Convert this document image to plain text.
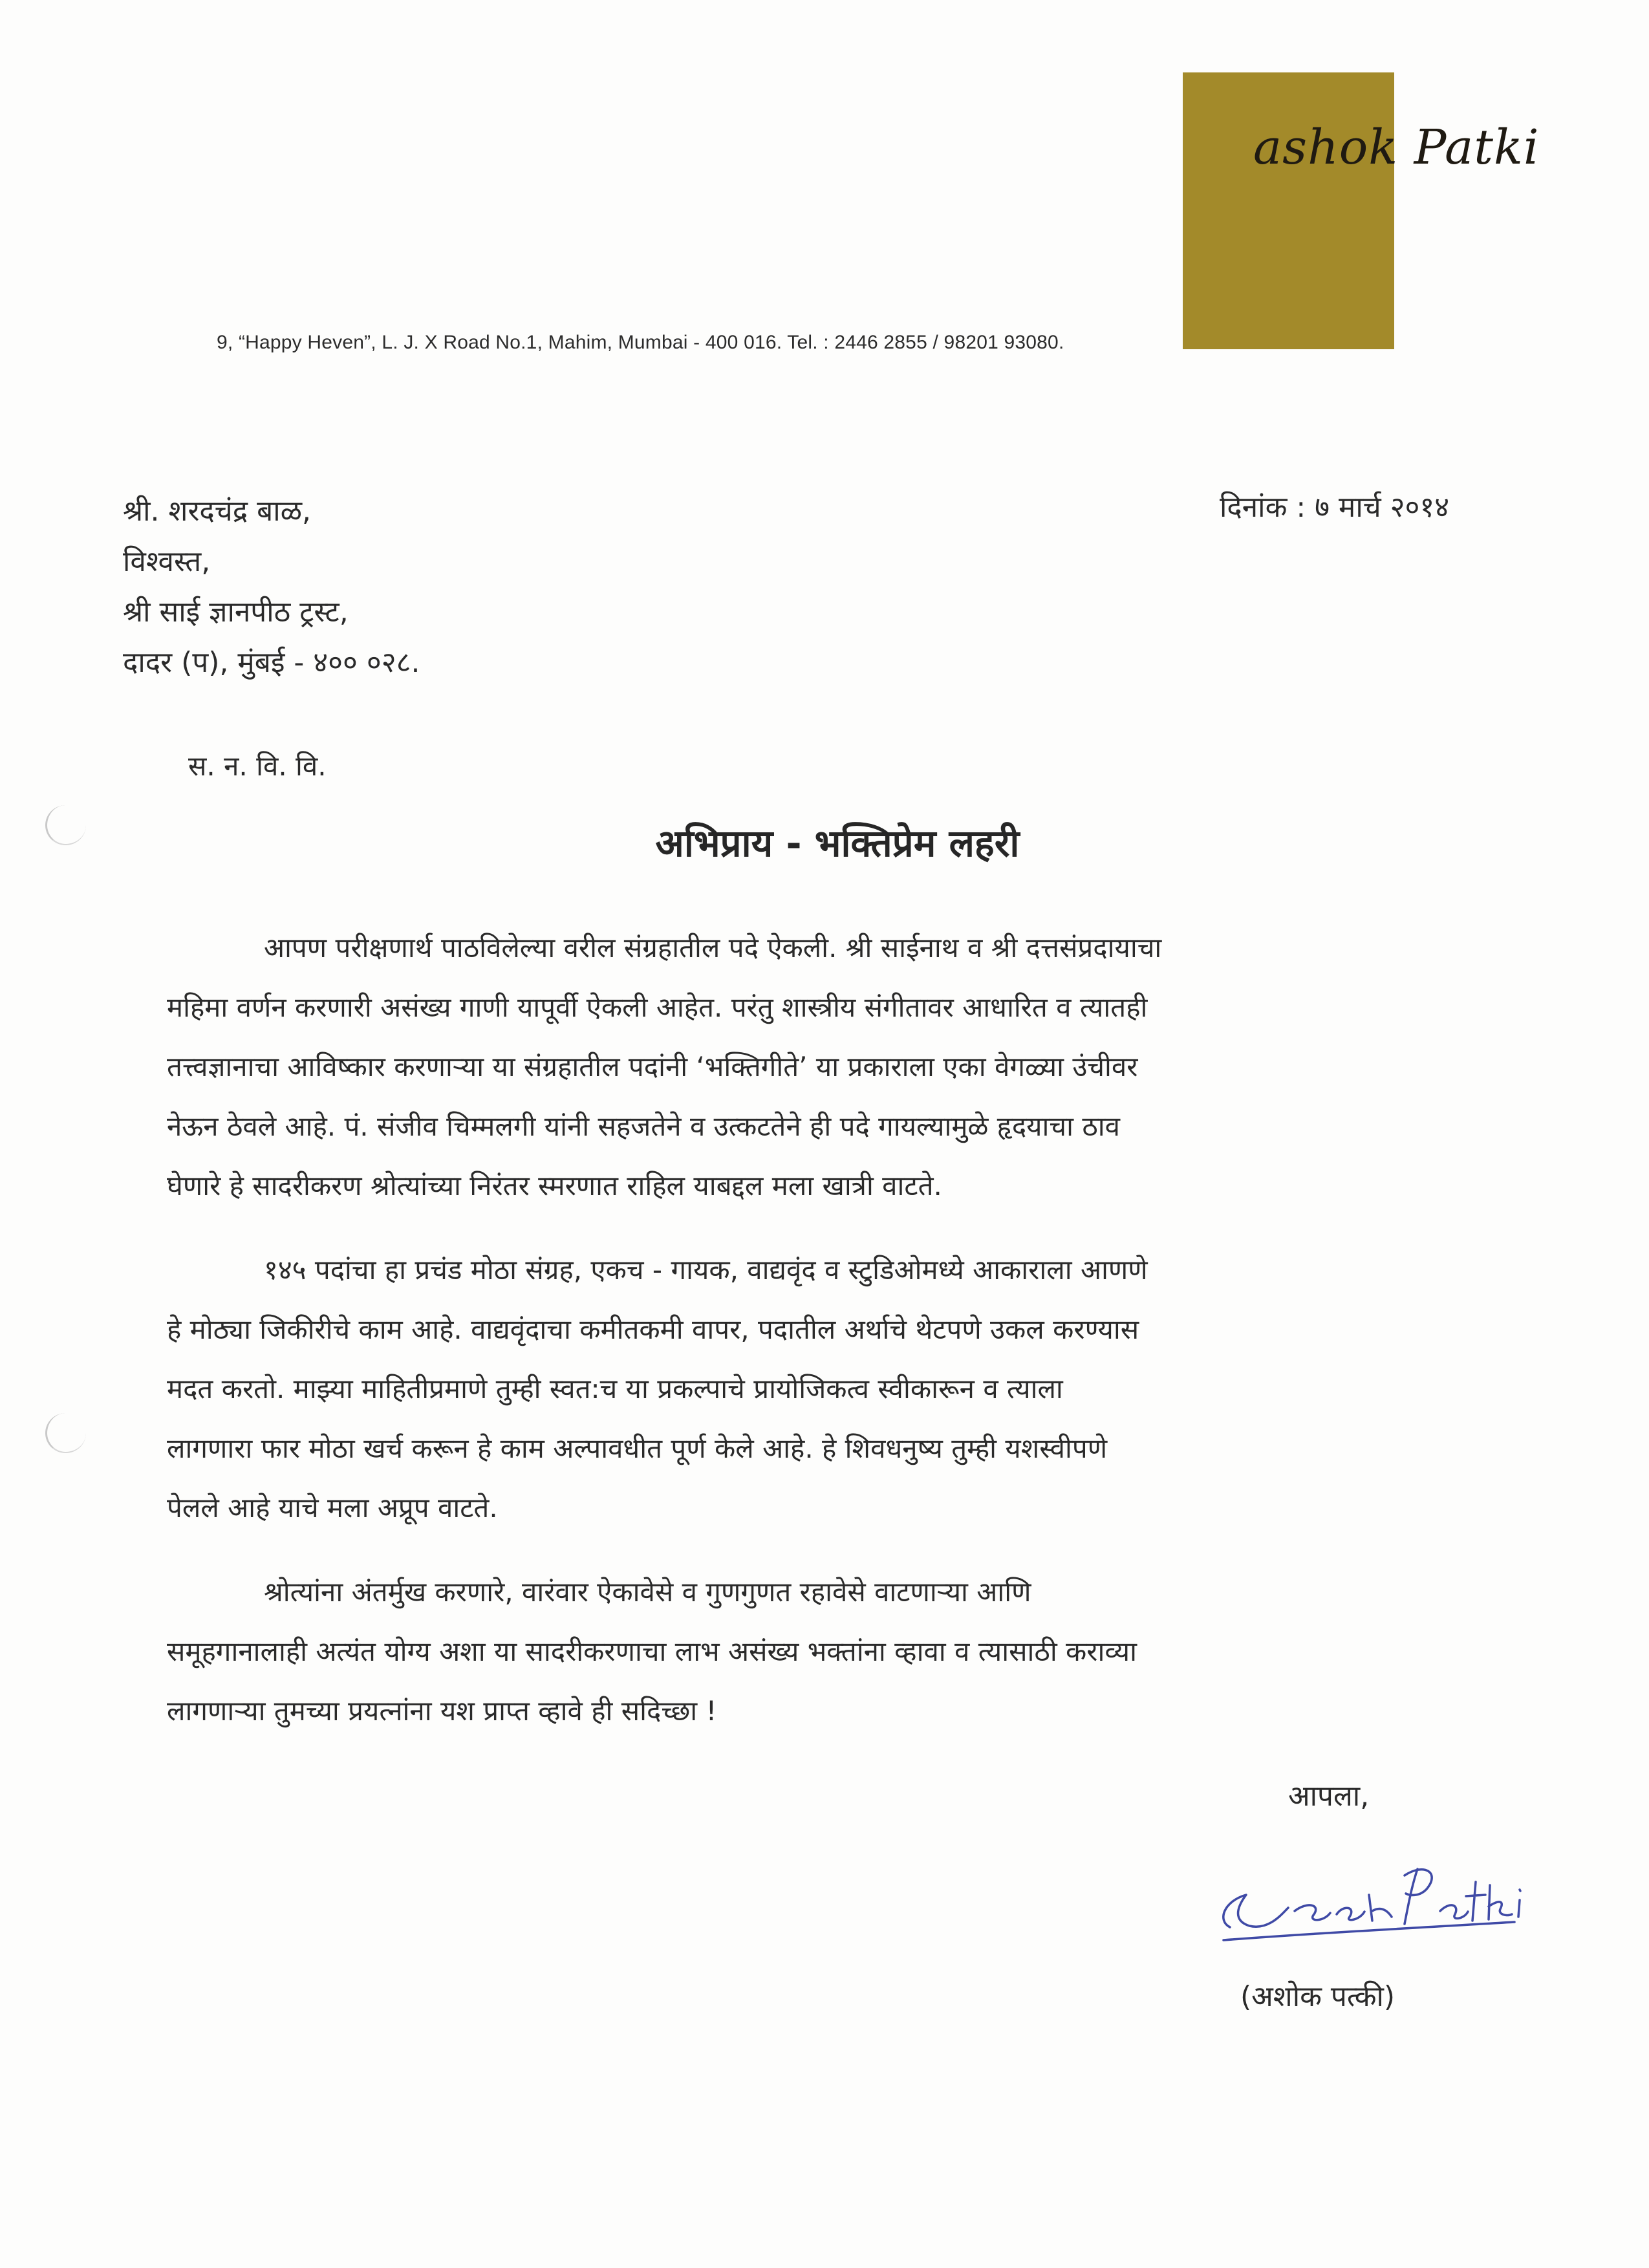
ashok Patki
9, “Happy Heven”, L. J. X Road No.1, Mahim, Mumbai - 400 016. Tel. : 2446 2855 / 98201 93080.
श्री. शरदचंद्र बाळ,
विश्वस्त,
श्री साई ज्ञानपीठ ट्रस्ट,
दादर (प), मुंबई - ४०० ०२८.
दिनांक : ७ मार्च २०१४
स. न. वि. वि.
अभिप्राय - भक्तिप्रेम लहरी
आपण परीक्षणार्थ पाठविलेल्या वरील संग्रहातील पदे ऐकली. श्री साईनाथ व श्री दत्तसंप्रदायाचा
महिमा वर्णन करणारी असंख्य गाणी यापूर्वी ऐकली आहेत. परंतु शास्त्रीय संगीतावर आधारित व त्यातही
तत्त्वज्ञानाचा आविष्कार करणाऱ्या या संग्रहातील पदांनी ‘भक्तिगीते’ या प्रकाराला एका वेगळ्या उंचीवर
नेऊन ठेवले आहे. पं. संजीव चिम्मलगी यांनी सहजतेने व उत्कटतेने ही पदे गायल्यामुळे हृदयाचा ठाव
घेणारे हे सादरीकरण श्रोत्यांच्या निरंतर स्मरणात राहिल याबद्दल मला खात्री वाटते.
१४५ पदांचा हा प्रचंड मोठा संग्रह, एकच - गायक, वाद्यवृंद व स्टुडिओमध्ये आकाराला आणणे
हे मोठ्या जिकीरीचे काम आहे. वाद्यवृंदाचा कमीतकमी वापर, पदातील अर्थाचे थेटपणे उकल करण्यास
मदत करतो. माझ्या माहितीप्रमाणे तुम्ही स्वत:च या प्रकल्पाचे प्रायोजिकत्व स्वीकारून व त्याला
लागणारा फार मोठा खर्च करून हे काम अल्पावधीत पूर्ण केले आहे. हे शिवधनुष्य तुम्ही यशस्वीपणे
पेलले आहे याचे मला अप्रूप वाटते.
श्रोत्यांना अंतर्मुख करणारे, वारंवार ऐकावेसे व गुणगुणत रहावेसे वाटणाऱ्या आणि
समूहगानालाही अत्यंत योग्य अशा या सादरीकरणाचा लाभ असंख्य भक्तांना व्हावा व त्यासाठी कराव्या
लागणाऱ्या तुमच्या प्रयत्नांना यश प्राप्त व्हावे ही सदिच्छा !
आपला,
(अशोक पत्की)
